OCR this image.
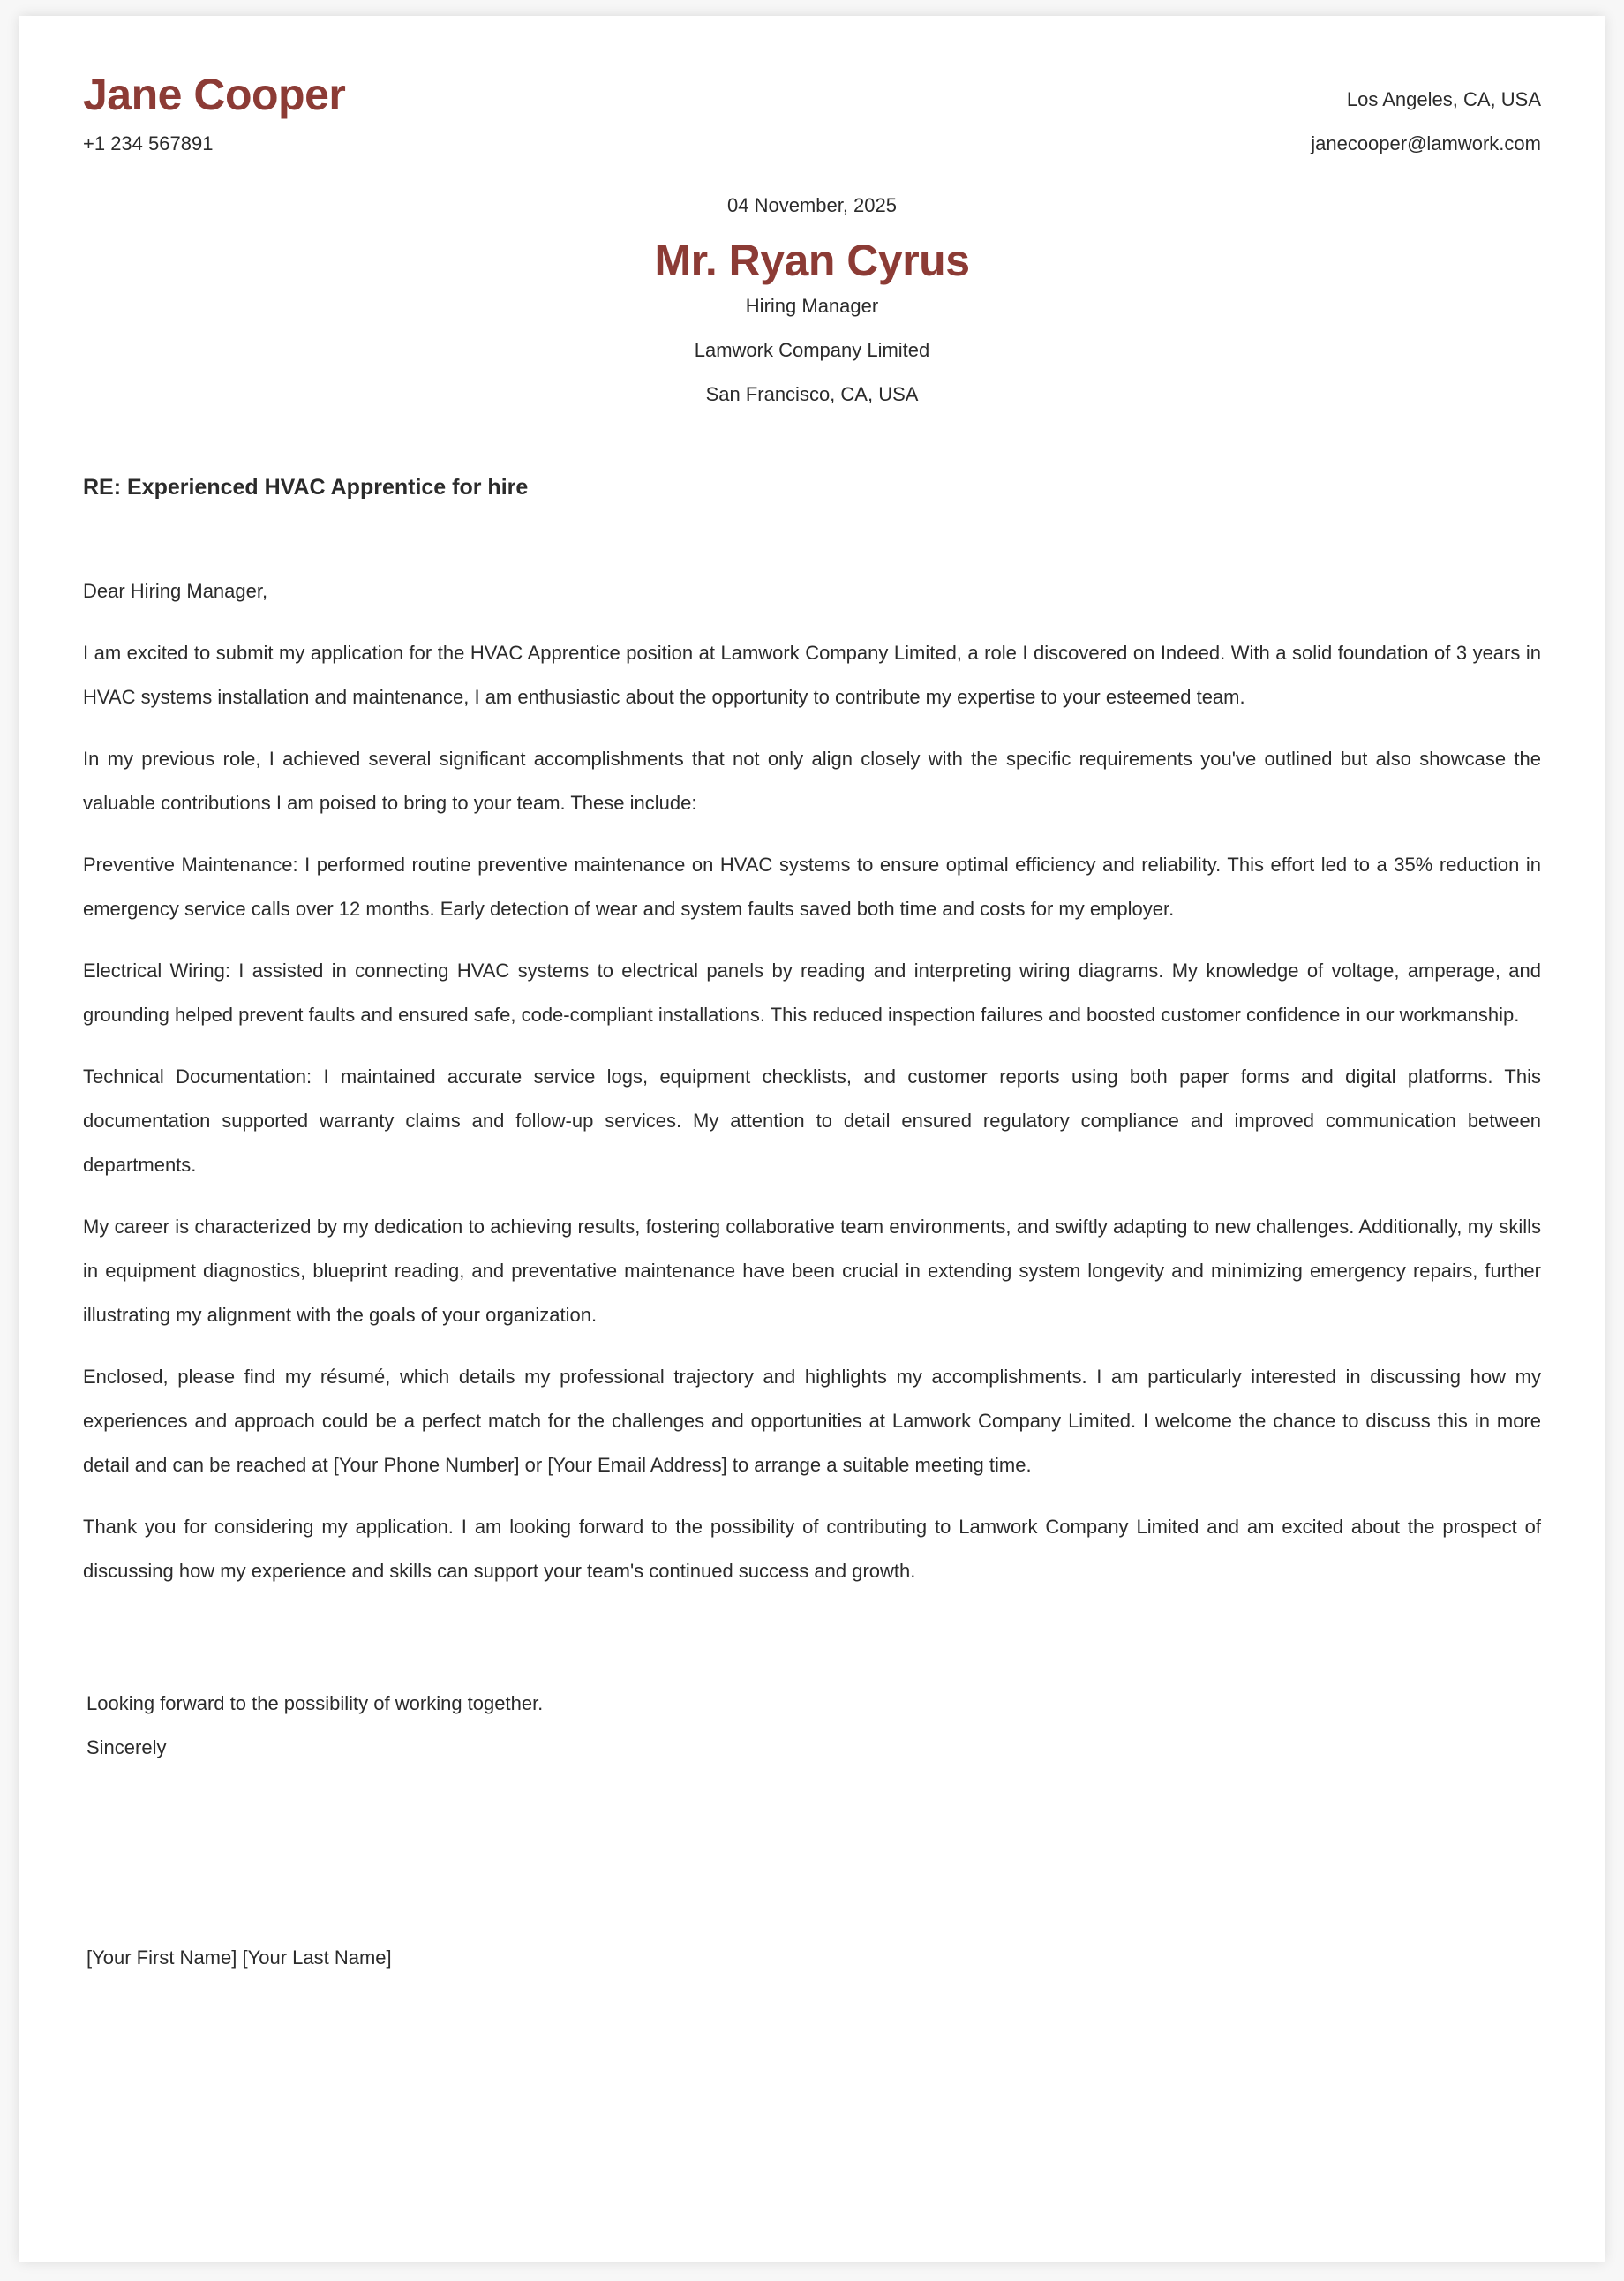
Jane Cooper
+1 234 567891
Los Angeles, CA, USA
janecooper@lamwork.com
04 November, 2025
Mr. Ryan Cyrus
Hiring Manager
Lamwork Company Limited
San Francisco, CA, USA
RE: Experienced HVAC Apprentice for hire

Dear Hiring Manager,

I am excited to submit my application for the HVAC Apprentice position at Lamwork Company Limited, a role I discovered on Indeed. With a solid foundation of 3 years in HVAC systems installation and maintenance, I am enthusiastic about the opportunity to contribute my expertise to your esteemed team.

In my previous role, I achieved several significant accomplishments that not only align closely with the specific requirements you've outlined but also showcase the valuable contributions I am poised to bring to your team. These include:

Preventive Maintenance: I performed routine preventive maintenance on HVAC systems to ensure optimal efficiency and reliability. This effort led to a 35% reduction in emergency service calls over 12 months. Early detection of wear and system faults saved both time and costs for my employer.

Electrical Wiring: I assisted in connecting HVAC systems to electrical panels by reading and interpreting wiring diagrams. My knowledge of voltage, amperage, and grounding helped prevent faults and ensured safe, code-compliant installations. This reduced inspection failures and boosted customer confidence in our workmanship.

Technical Documentation: I maintained accurate service logs, equipment checklists, and customer reports using both paper forms and digital platforms. This documentation supported warranty claims and follow-up services. My attention to detail ensured regulatory compliance and improved communication between departments.

My career is characterized by my dedication to achieving results, fostering collaborative team environments, and swiftly adapting to new challenges. Additionally, my skills in equipment diagnostics, blueprint reading, and preventative maintenance have been crucial in extending system longevity and minimizing emergency repairs, further illustrating my alignment with the goals of your organization.

Enclosed, please find my résumé, which details my professional trajectory and highlights my accomplishments. I am particularly interested in discussing how my experiences and approach could be a perfect match for the challenges and opportunities at Lamwork Company Limited. I welcome the chance to discuss this in more detail and can be reached at [Your Phone Number] or [Your Email Address] to arrange a suitable meeting time.

Thank you for considering my application. I am looking forward to the possibility of contributing to Lamwork Company Limited and am excited about the prospect of discussing how my experience and skills can support your team's continued success and growth.

Looking forward to the possibility of working together.
Sincerely
[Your First Name] [Your Last Name]
